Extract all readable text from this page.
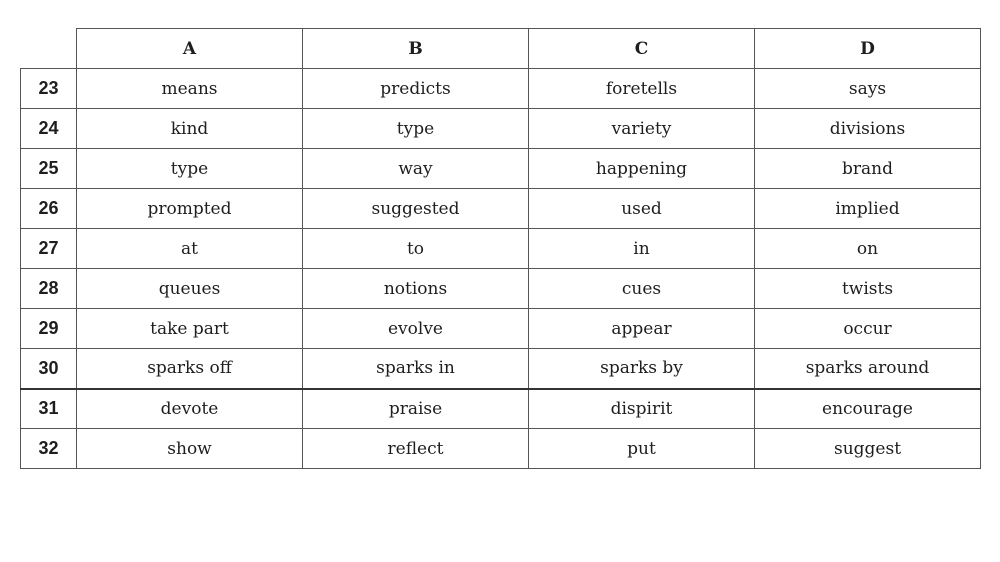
	A	B	C	D
23	means	predicts	foretells	says
24	kind	type	variety	divisions
25	type	way	happening	brand
26	prompted	suggested	used	implied
27	at	to	in	on
28	queues	notions	cues	twists
29	take part	evolve	appear	occur
30	sparks off	sparks in	sparks by	sparks around
31	devote	praise	dispirit	encourage
32	show	reflect	put	suggest
